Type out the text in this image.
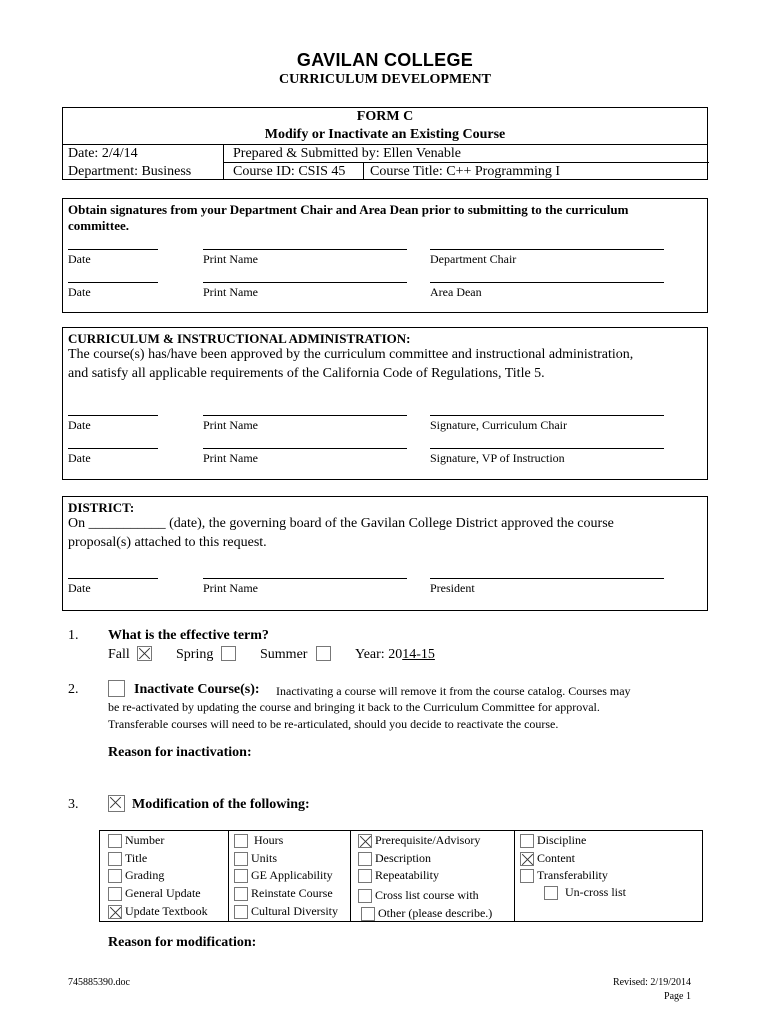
GAVILAN COLLEGE
CURRICULUM DEVELOPMENT
FORM C
Modify or Inactivate an Existing Course
Date: 2/4/14	Prepared & Submitted by: Ellen Venable
Department: Business	Course ID: CSIS 45 Course Title: C++ Programming I
Obtain signatures from your Department Chair and Area Dean prior to submitting to the curriculum committee.
Date	Print Name	Department Chair
Date	Print Name	Area Dean
CURRICULUM & INSTRUCTIONAL ADMINISTRATION:
The course(s) has/have been approved by the curriculum committee and instructional administration,
and satisfy all applicable requirements of the California Code of Regulations, Title 5.
Date	Print Name	Signature, Curriculum Chair
Date	Print Name	Signature, VP of Instruction
DISTRICT:
On ___________ (date), the governing board of the Gavilan College District approved the course
proposal(s) attached to this request.
Date	Print Name	President
1. What is the effective term?
Fall	Spring	Summer	Year: 2014-15
2.	Inactivate Course(s): Inactivating a course will remove it from the course catalog. Courses may
be re-activated by updating the course and bringing it back to the Curriculum Committee for approval.
Transferable courses will need to be re-articulated, should you decide to reactivate the course.
Reason for inactivation:
3.	Modification of the following:
Number
Title
Grading
General Update
Update Textbook
Hours
Units
GE Applicability
Reinstate Course
Cultural Diversity
Prerequisite/Advisory
Description
Repeatability
Cross list course with
Other (please describe.)
Discipline
Content
Transferability
Un-cross list
Reason for modification:
745885390.doc	Revised: 2/19/2014
Page 1
